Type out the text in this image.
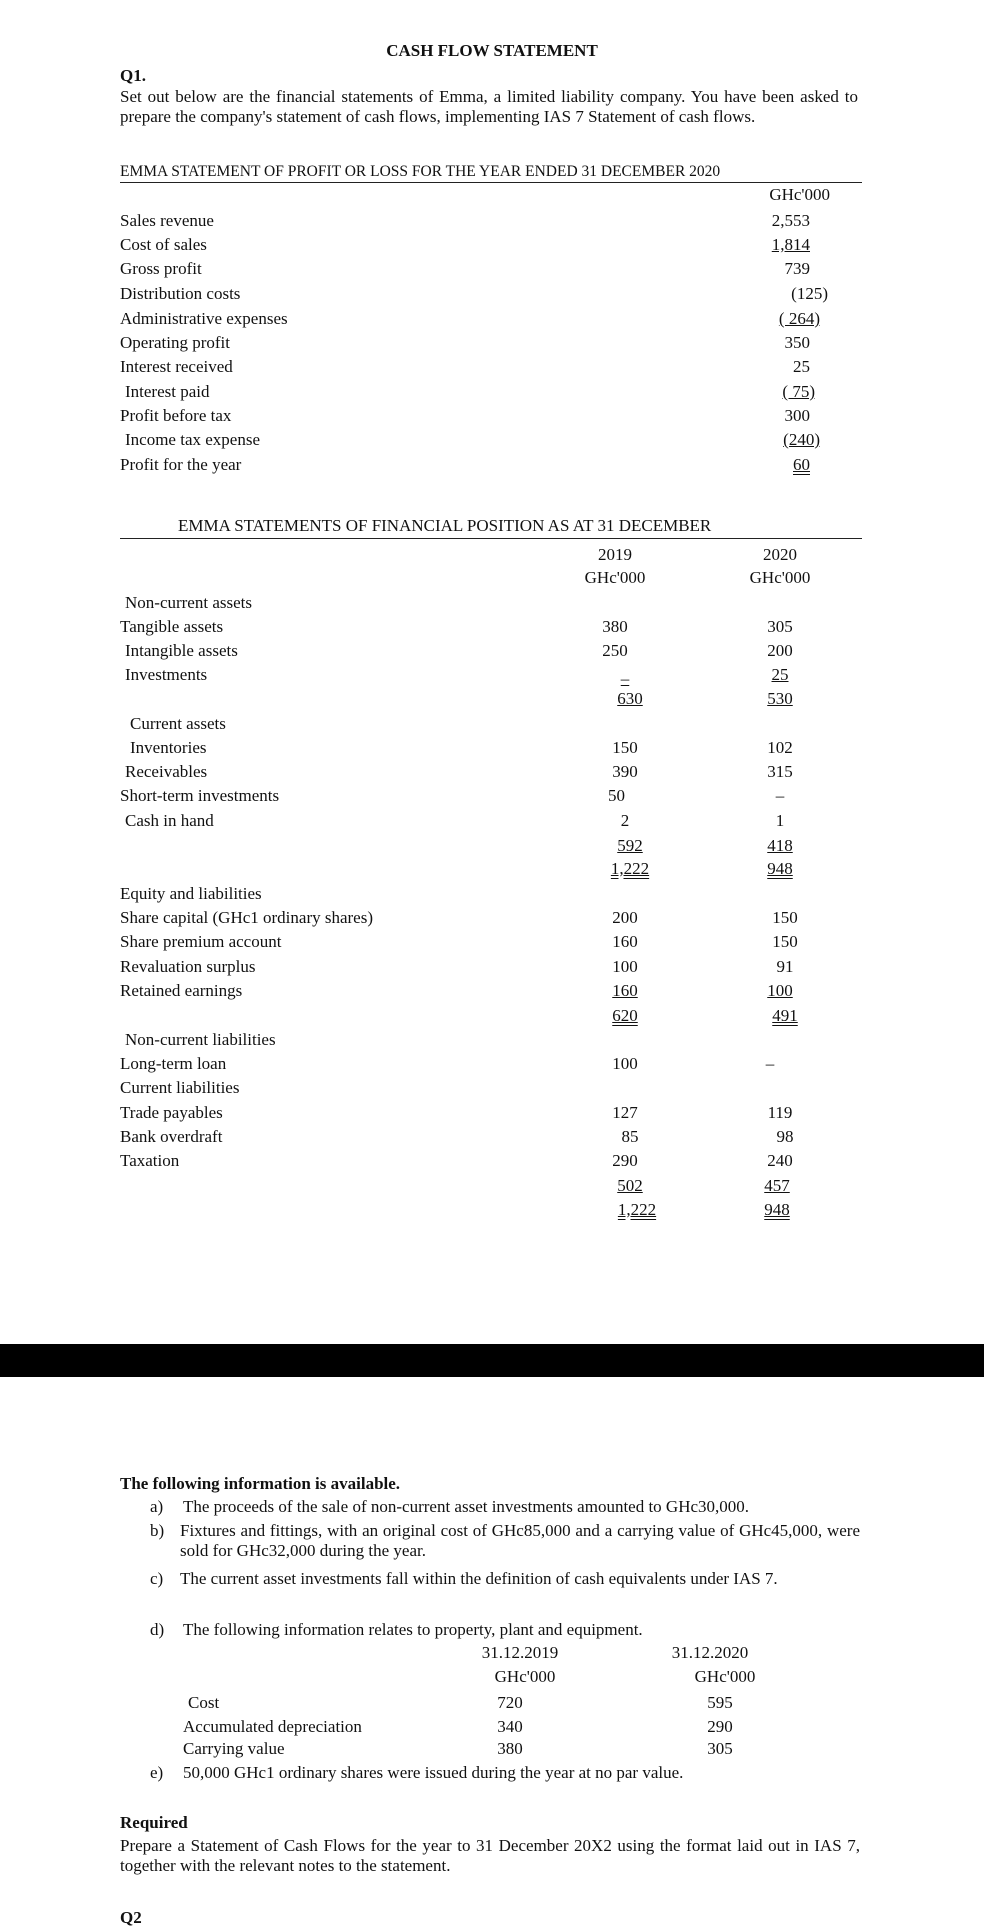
CASH FLOW STATEMENT
Q1.
Set out below are the financial statements of Emma, a limited liability company. You have been asked to prepare the company's statement of cash flows, implementing IAS 7 Statement of cash flows.
EMMA STATEMENT OF PROFIT OR LOSS FOR THE YEAR ENDED 31 DECEMBER 2020
GHc'000
Sales revenue	2,553
Cost of sales	1,814
Gross profit	739
Distribution costs	(125)
Administrative expenses	( 264)
Operating profit	350
Interest received	25
Interest paid	( 75)
Profit before tax	300
Income tax expense	(240)
Profit for the year	60
EMMA STATEMENTS OF FINANCIAL POSITION AS AT 31 DECEMBER
2019	2020
GHc'000	GHc'000
Non-current assets
Tangible assets	380	305
Intangible assets	250	200
Investments	–	25
630	530
Current assets
Inventories	150	102
Receivables	390	315
Short-term investments	50	–
Cash in hand	2	1
592	418
1,222	948
Equity and liabilities
Share capital (GHc1 ordinary shares)	200	150
Share premium account	160	150
Revaluation surplus	100	91
Retained earnings	160	100
620	491
Non-current liabilities
Long-term loan	100	–
Current liabilities
Trade payables	127	119
Bank overdraft	85	98
Taxation	290	240
502	457
1,222	948
The following information is available.
a) The proceeds of the sale of non-current asset investments amounted to GHc30,000.
b) Fixtures and fittings, with an original cost of GHc85,000 and a carrying value of GHc45,000, were sold for GHc32,000 during the year.
c) The current asset investments fall within the definition of cash equivalents under IAS 7.
d) The following information relates to property, plant and equipment.
31.12.2019	31.12.2020
GHc'000	GHc'000
Cost	720	595
Accumulated depreciation	340	290
Carrying value	380	305
e) 50,000 GHc1 ordinary shares were issued during the year at no par value.
Required
Prepare a Statement of Cash Flows for the year to 31 December 20X2 using the format laid out in IAS 7, together with the relevant notes to the statement.
Q2
